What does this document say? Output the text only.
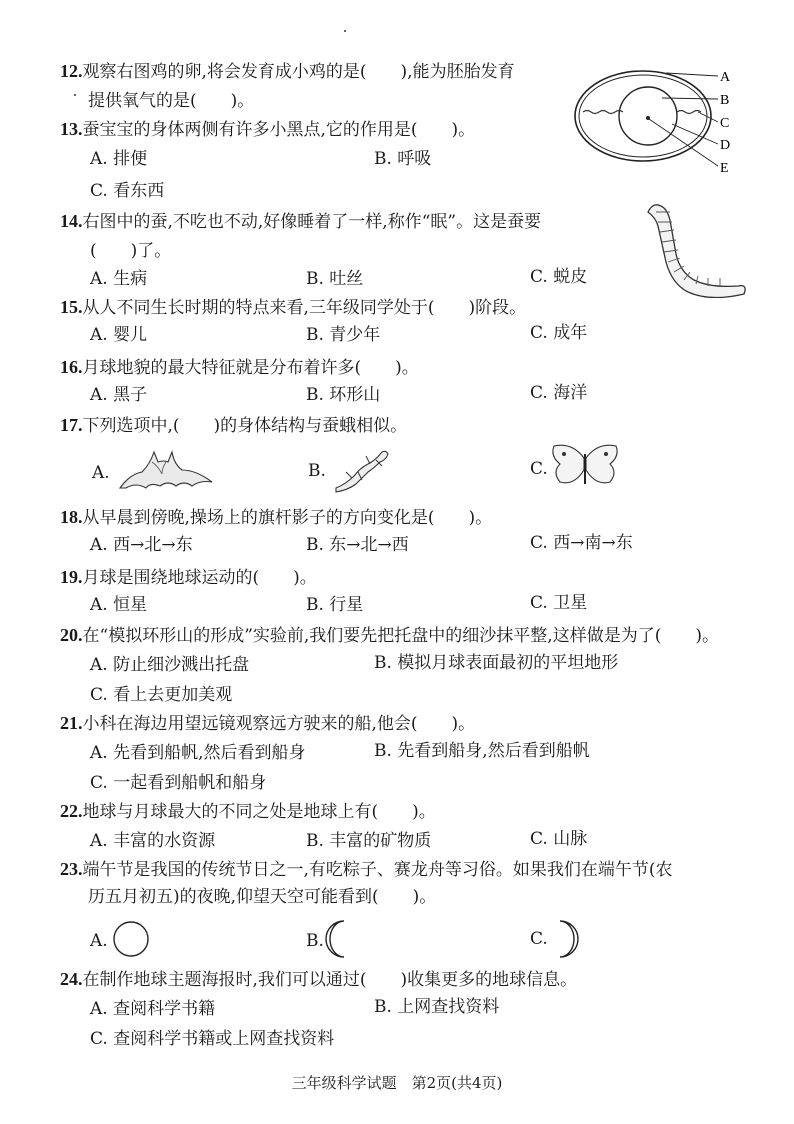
12.观察右图鸡的卵,将会发育成小鸡的是(　　),能为胚胎发育
提供氧气的是(　　)。
A
B
C
D
E
13.蚕宝宝的身体两侧有许多小黑点,它的作用是(　　)。
A. 排便	B. 呼吸
C. 看东西
14.右图中的蚕,不吃也不动,好像睡着了一样,称作“眠”。这是蚕要
(　　)了。
A. 生病	B. 吐丝	C. 蜕皮
15.从人不同生长时期的特点来看,三年级同学处于(　　)阶段。
A. 婴儿	B. 青少年	C. 成年
16.月球地貌的最大特征就是分布着许多(　　)。
A. 黑子	B. 环形山	C. 海洋
17.下列选项中,(　　)的身体结构与蚕蛾相似。
A.	B.	C.
18.从早晨到傍晚,操场上的旗杆影子的方向变化是(　　)。
A. 西→北→东	B. 东→北→西	C. 西→南→东
19.月球是围绕地球运动的(　　)。
A. 恒星	B. 行星	C. 卫星
20.在“模拟环形山的形成”实验前,我们要先把托盘中的细沙抹平整,这样做是为了(　　)。
A. 防止细沙溅出托盘	B. 模拟月球表面最初的平坦地形
C. 看上去更加美观
21.小科在海边用望远镜观察远方驶来的船,他会(　　)。
A. 先看到船帆,然后看到船身	B. 先看到船身,然后看到船帆
C. 一起看到船帆和船身
22.地球与月球最大的不同之处是地球上有(　　)。
A. 丰富的水资源	B. 丰富的矿物质	C. 山脉
23.端午节是我国的传统节日之一,有吃粽子、赛龙舟等习俗。如果我们在端午节(农
历五月初五)的夜晚,仰望天空可能看到(　　)。
A.	B.	C.
24.在制作地球主题海报时,我们可以通过(　　)收集更多的地球信息。
A. 查阅科学书籍	B. 上网查找资料
C. 查阅科学书籍或上网查找资料
三年级科学试题　第2页(共4页)
